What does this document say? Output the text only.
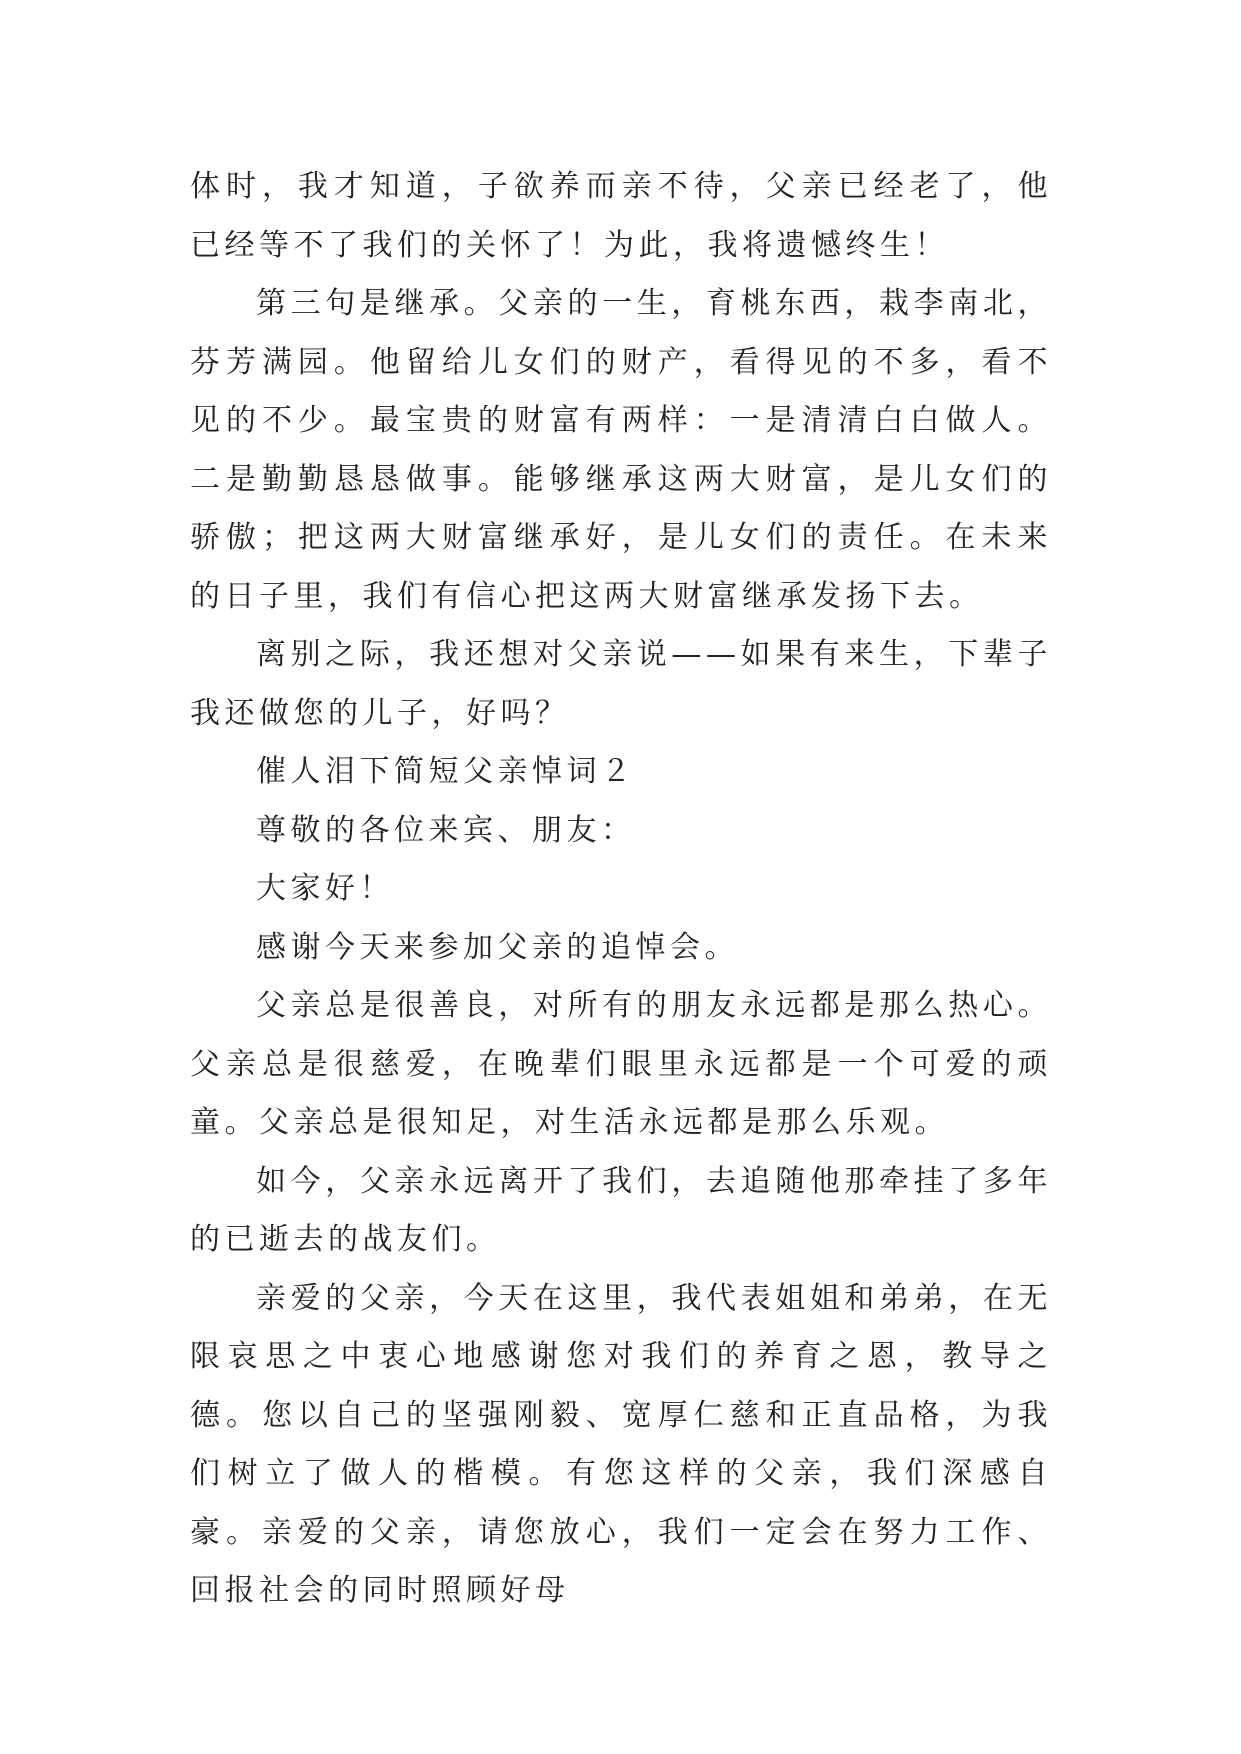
体时，我才知道，子欲养而亲不待，父亲已经老了，他已经等不了我们的关怀了！为此，我将遗憾终生！

第三句是继承。父亲的一生，育桃东西，栽李南北，芬芳满园。他留给儿女们的财产，看得见的不多，看不见的不少。最宝贵的财富有两样：一是清清白白做人。二是勤勤恳恳做事。能够继承这两大财富，是儿女们的骄傲；把这两大财富继承好，是儿女们的责任。在未来的日子里，我们有信心把这两大财富继承发扬下去。

离别之际，我还想对父亲说——如果有来生，下辈子我还做您的儿子，好吗？

催人泪下简短父亲悼词２

尊敬的各位来宾、朋友：

大家好！

感谢今天来参加父亲的追悼会。

父亲总是很善良，对所有的朋友永远都是那么热心。父亲总是很慈爱，在晚辈们眼里永远都是一个可爱的顽童。父亲总是很知足，对生活永远都是那么乐观。

如今，父亲永远离开了我们，去追随他那牵挂了多年的已逝去的战友们。

亲爱的父亲，今天在这里，我代表姐姐和弟弟，在无限哀思之中衷心地感谢您对我们的养育之恩，教导之德。您以自己的坚强刚毅、宽厚仁慈和正直品格，为我们树立了做人的楷模。有您这样的父亲，我们深感自豪。亲爱的父亲，请您放心，我们一定会在努力工作、回报社会的同时照顾好母
